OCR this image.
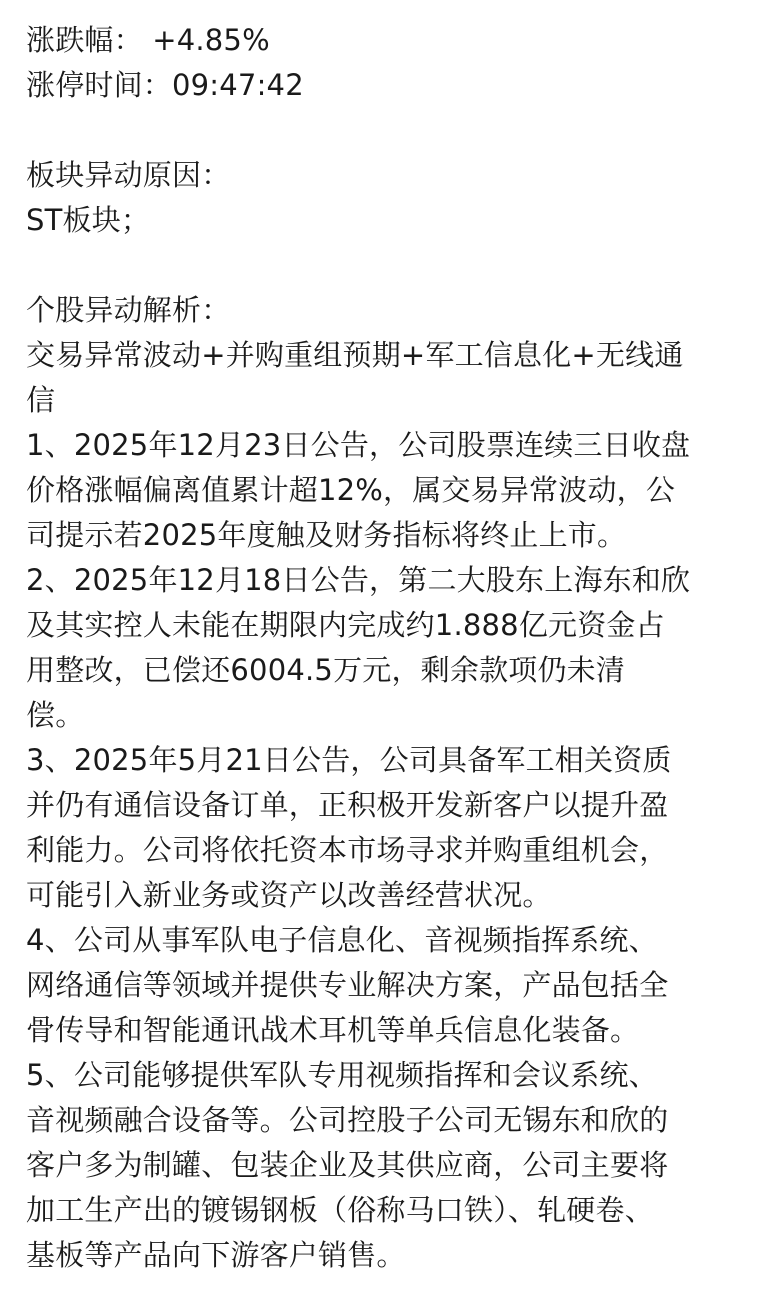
涨跌幅： +4.85%
涨停时间：09:47:42
板块异动原因：
ST板块；
个股异动解析：
交易异常波动+并购重组预期+军工信息化+无线通
信
1、2025年12月23日公告，公司股票连续三日收盘
价格涨幅偏离值累计超12%，属交易异常波动，公
司提示若2025年度触及财务指标将终止上市。
2、2025年12月18日公告，第二大股东上海东和欣
及其实控人未能在期限内完成约1.888亿元资金占
用整改，已偿还6004.5万元，剩余款项仍未清
偿。
3、2025年5月21日公告，公司具备军工相关资质
并仍有通信设备订单，正积极开发新客户以提升盈
利能力。公司将依托资本市场寻求并购重组机会，
可能引入新业务或资产以改善经营状况。
4、公司从事军队电子信息化、音视频指挥系统、
网络通信等领域并提供专业解决方案，产品包括全
骨传导和智能通讯战术耳机等单兵信息化装备。
5、公司能够提供军队专用视频指挥和会议系统、
音视频融合设备等。公司控股子公司无锡东和欣的
客户多为制罐、包装企业及其供应商，公司主要将
加工生产出的镀锡钢板（俗称马口铁）、轧硬卷、
基板等产品向下游客户销售。
